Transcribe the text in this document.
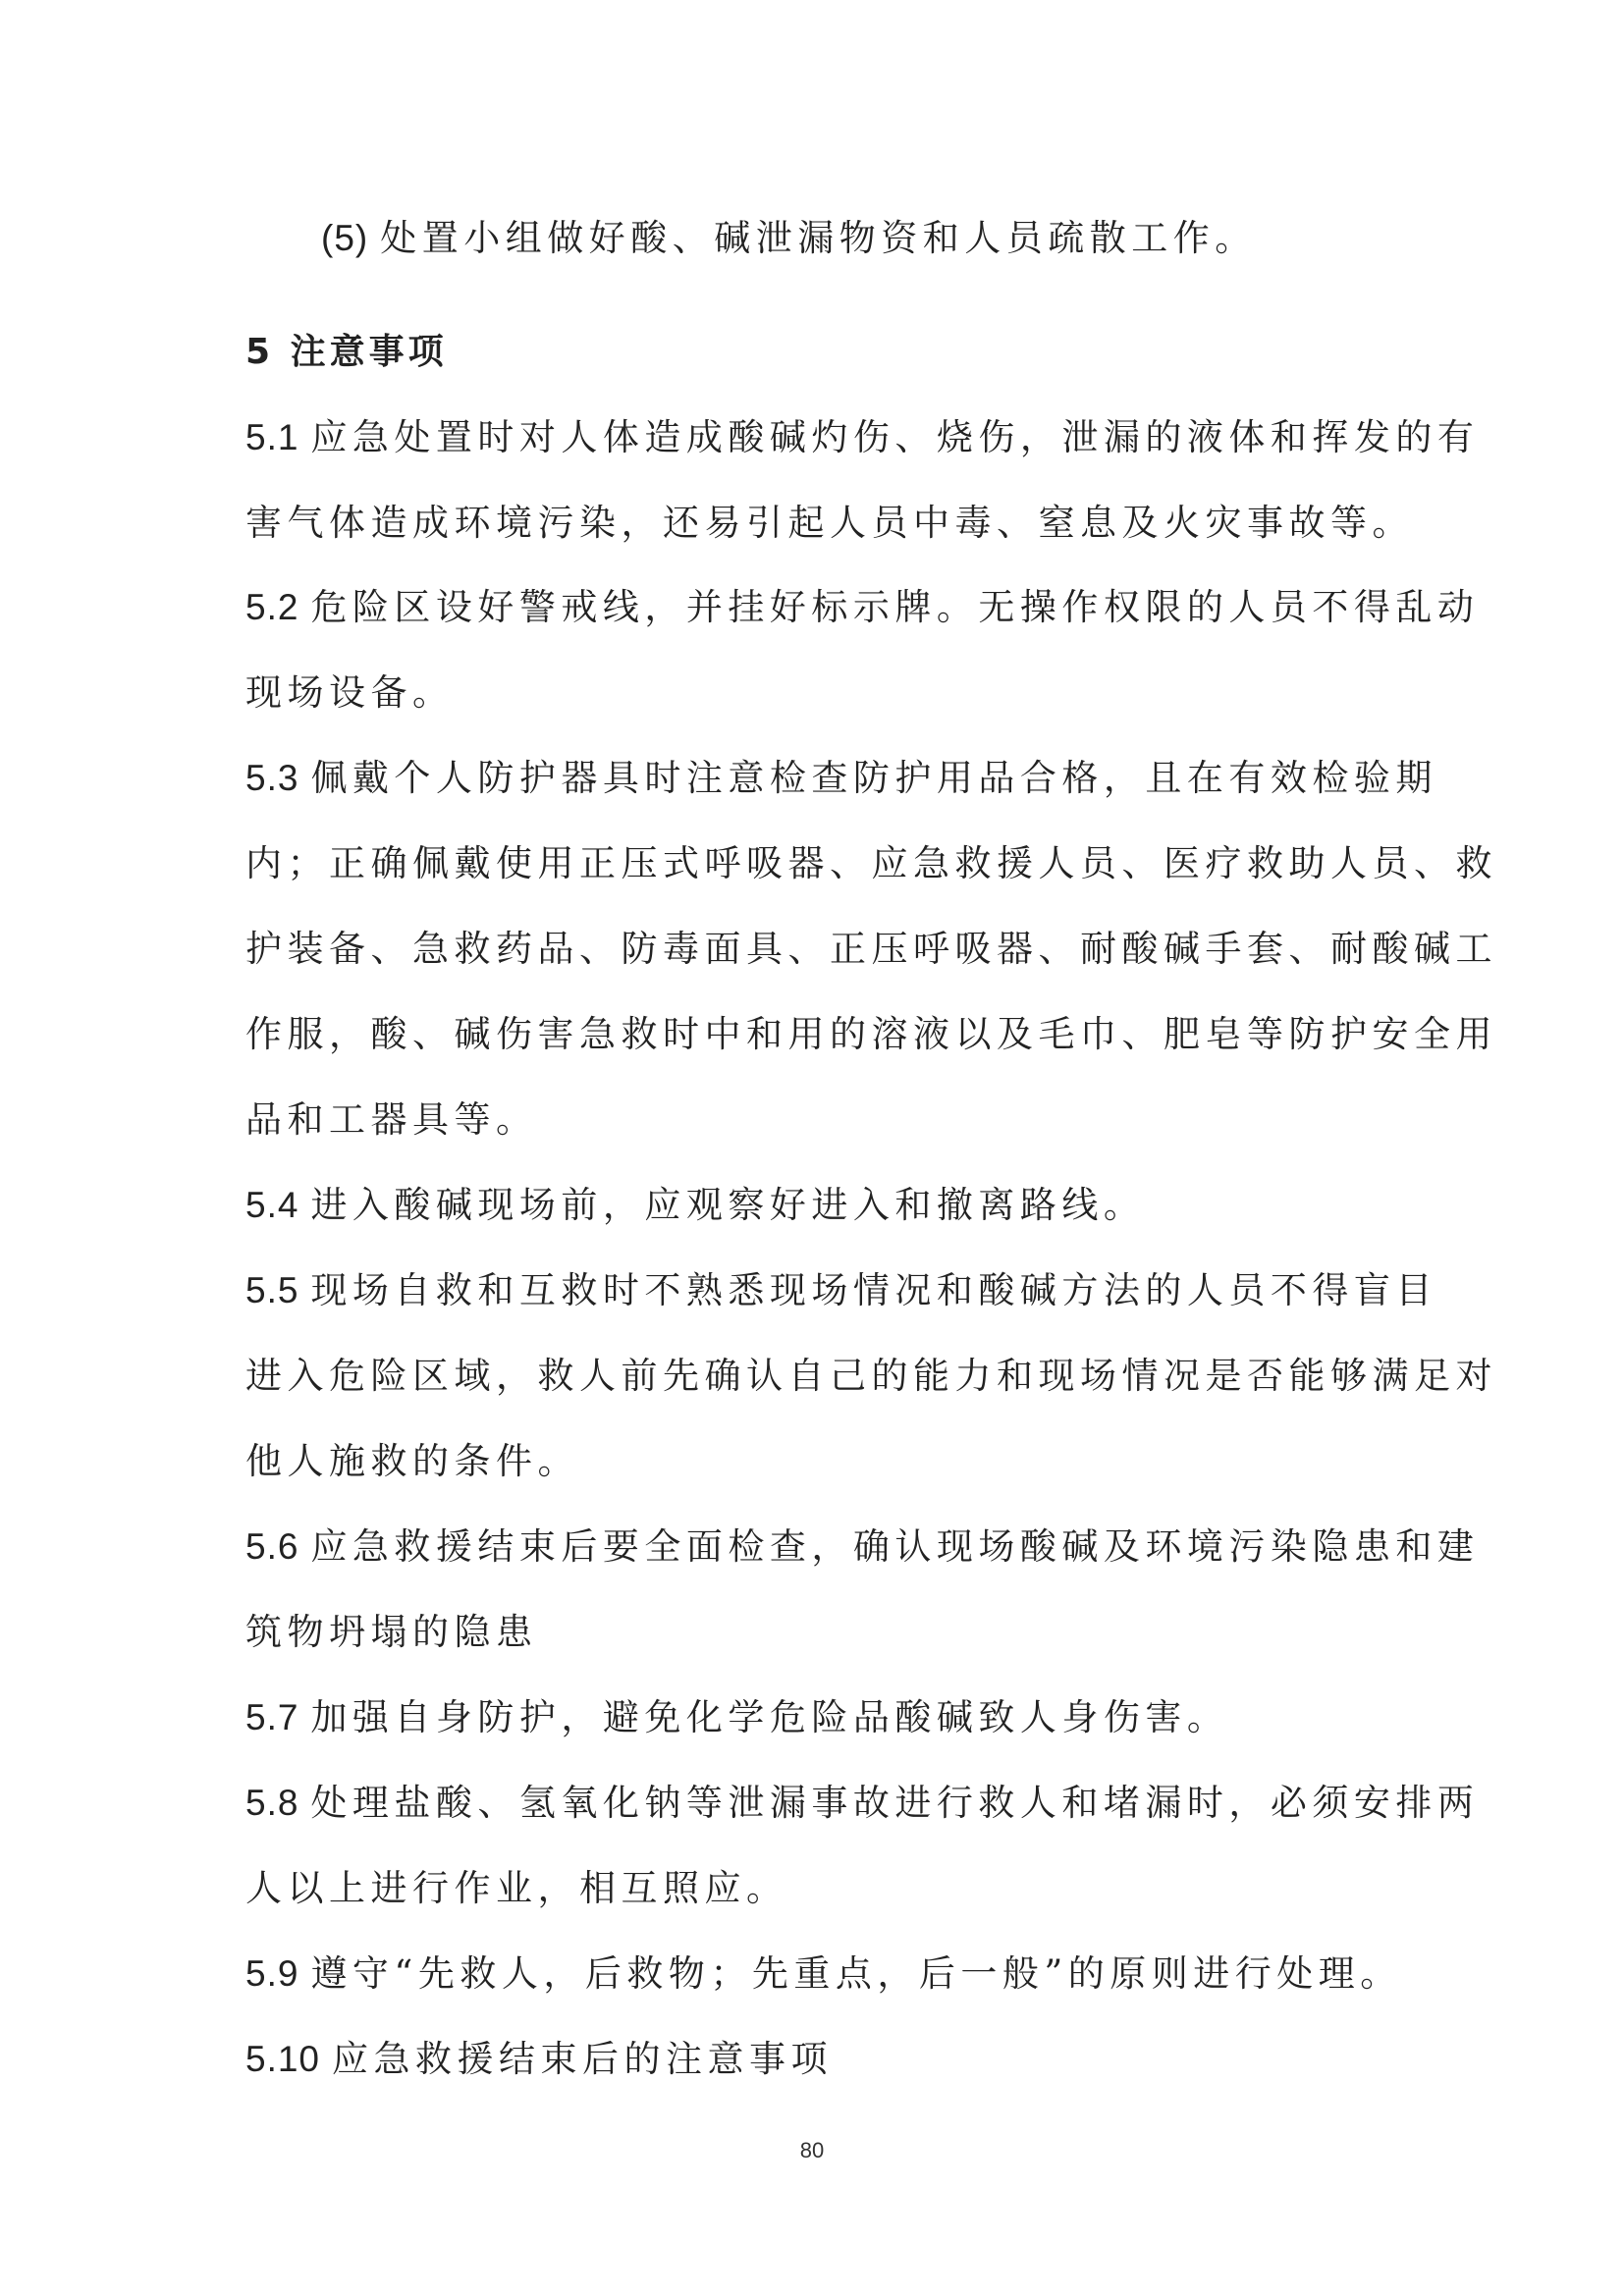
(5) 处置小组做好酸、碱泄漏物资和人员疏散工作。
5 注意事项
5.1 应急处置时对人体造成酸碱灼伤、烧伤，泄漏的液体和挥发的有
害气体造成环境污染，还易引起人员中毒、窒息及火灾事故等。
5.2 危险区设好警戒线，并挂好标示牌。无操作权限的人员不得乱动
现场设备。
5.3 佩戴个人防护器具时注意检查防护用品合格，且在有效检验期
内；正确佩戴使用正压式呼吸器、应急救援人员、医疗救助人员、救
护装备、急救药品、防毒面具、正压呼吸器、耐酸碱手套、耐酸碱工
作服，酸、碱伤害急救时中和用的溶液以及毛巾、肥皂等防护安全用
品和工器具等。
5.4 进入酸碱现场前，应观察好进入和撤离路线。
5.5 现场自救和互救时不熟悉现场情况和酸碱方法的人员不得盲目
进入危险区域，救人前先确认自己的能力和现场情况是否能够满足对
他人施救的条件。
5.6 应急救援结束后要全面检查，确认现场酸碱及环境污染隐患和建
筑物坍塌的隐患
5.7 加强自身防护，避免化学危险品酸碱致人身伤害。
5.8 处理盐酸、氢氧化钠等泄漏事故进行救人和堵漏时，必须安排两
人以上进行作业，相互照应。
5.9 遵守“先救人，后救物；先重点，后一般”的原则进行处理。
5.10 应急救援结束后的注意事项
80
